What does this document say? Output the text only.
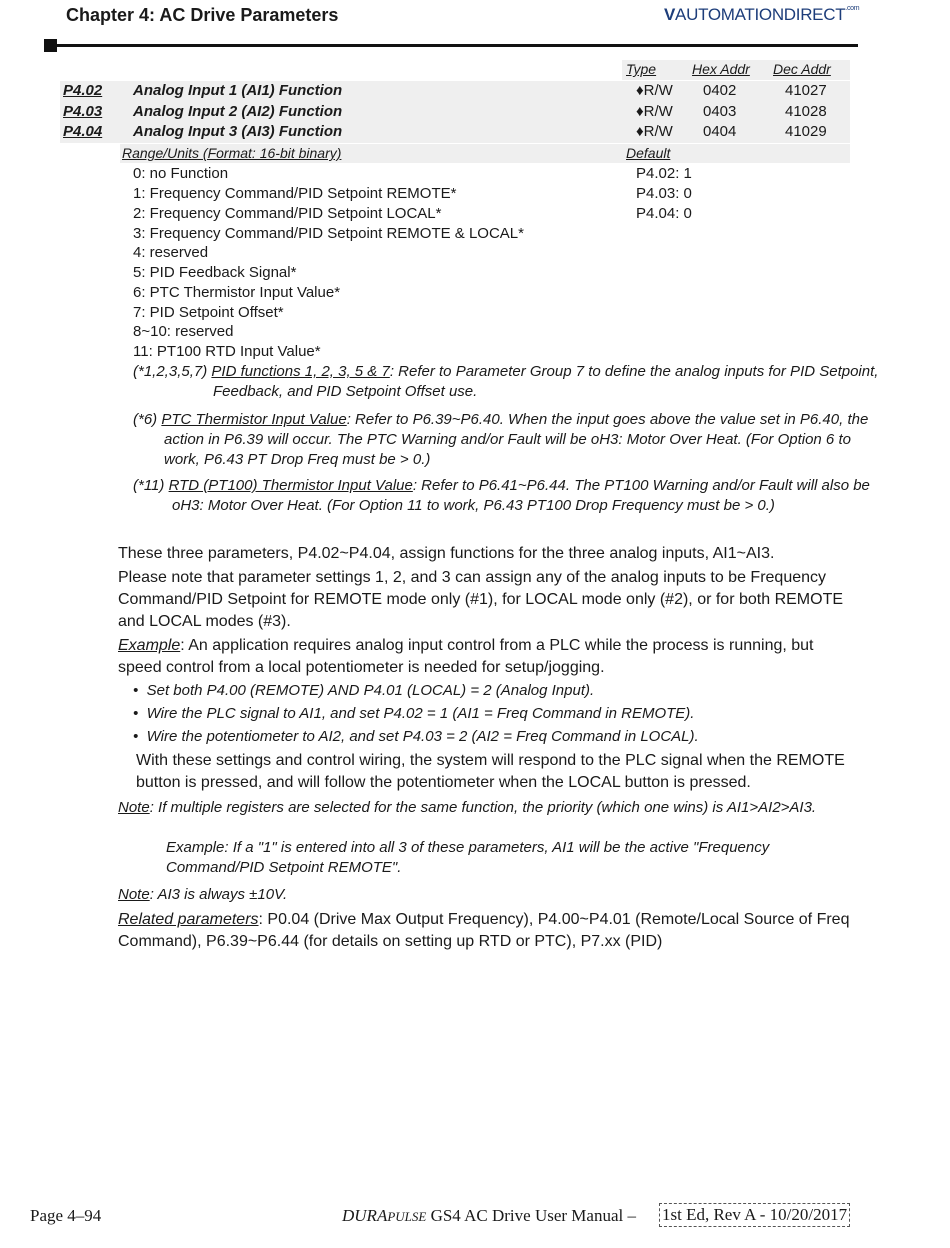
Chapter 4: AC Drive Parameters	$VAUTOMATIONDIRECT^{.com}$
Type	Hex Addr Dec Addr
P4.02 Analog Input 1 (AI1) Function	♦R/W 0402	41027
P4.03 Analog Input 2 (AI2) Function	♦R/W 0403	41028
P4.04 Analog Input 3 (AI3) Function	♦R/W 0404	41029
Range/Units (Format: 16-bit binary)	Default
0: no Function
1: Frequency Command/PID Setpoint REMOTE*
2: Frequency Command/PID Setpoint LOCAL*
3: Frequency Command/PID Setpoint REMOTE & LOCAL*
4: reserved
5: PID Feedback Signal*
6: PTC Thermistor Input Value*
7: PID Setpoint Offset*
8~10: reserved
11: PT100 RTD Input Value*
P4.02: 1
P4.03: 0
P4.04: 0
(*1,2,3,5,7) PID functions 1, 2, 3, 5 & 7: Refer to Parameter Group 7 to define the analog inputs for PID Setpoint, Feedback, and PID Setpoint Offset use.
(*6) PTC Thermistor Input Value: Refer to P6.39~P6.40. When the input goes above the value set in P6.40, the action in P6.39 will occur. The PTC Warning and/or Fault will be oH3: Motor Over Heat. (For Option 6 to work, P6.43 PT Drop Freq must be > 0.)
(*11) RTD (PT100) Thermistor Input Value: Refer to P6.41~P6.44. The PT100 Warning and/or Fault will also be oH3: Motor Over Heat. (For Option 11 to work, P6.43 PT100 Drop Frequency must be > 0.)
These three parameters, P4.02~P4.04, assign functions for the three analog inputs, AI1~AI3.
Please note that parameter settings 1, 2, and 3 can assign any of the analog inputs to be Frequency Command/PID Setpoint for REMOTE mode only (#1), for LOCAL mode only (#2), or for both REMOTE and LOCAL modes (#3).
Example: An application requires analog input control from a PLC while the process is running, but speed control from a local potentiometer is needed for setup/jogging.
•  Set both P4.00 (REMOTE) AND P4.01 (LOCAL) = 2 (Analog Input).
•  Wire the PLC signal to AI1, and set P4.02 = 1 (AI1 = Freq Command in REMOTE).
•  Wire the potentiometer to AI2, and set P4.03 = 2 (AI2 = Freq Command in LOCAL).
With these settings and control wiring, the system will respond to the PLC signal when the REMOTE button is pressed, and will follow the potentiometer when the LOCAL button is pressed.
Note: If multiple registers are selected for the same function, the priority (which one wins) is AI1>AI2>AI3.
Example: If a "1" is entered into all 3 of these parameters, AI1 will be the active "Frequency Command/PID Setpoint REMOTE".
Note: AI3 is always ±10V.
Related parameters: P0.04 (Drive Max Output Frequency), P4.00~P4.01 (Remote/Local Source of Freq Command), P6.39~P6.44 (for details on setting up RTD or PTC), P7.xx (PID)
Page 4–94	DURAPULSE GS4 AC Drive User Manual – 1st Ed, Rev A - 10/20/2017
